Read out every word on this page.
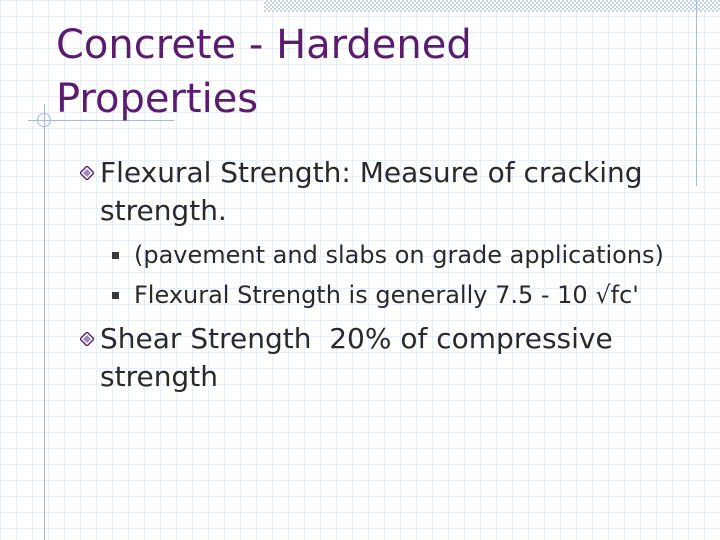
Concrete - Hardened
Properties
Flexural Strength: Measure of cracking
strength.
(pavement and slabs on grade applications)
Flexural Strength is generally 7.5 - 10 √fc'
Shear Strength  20% of compressive
strength
